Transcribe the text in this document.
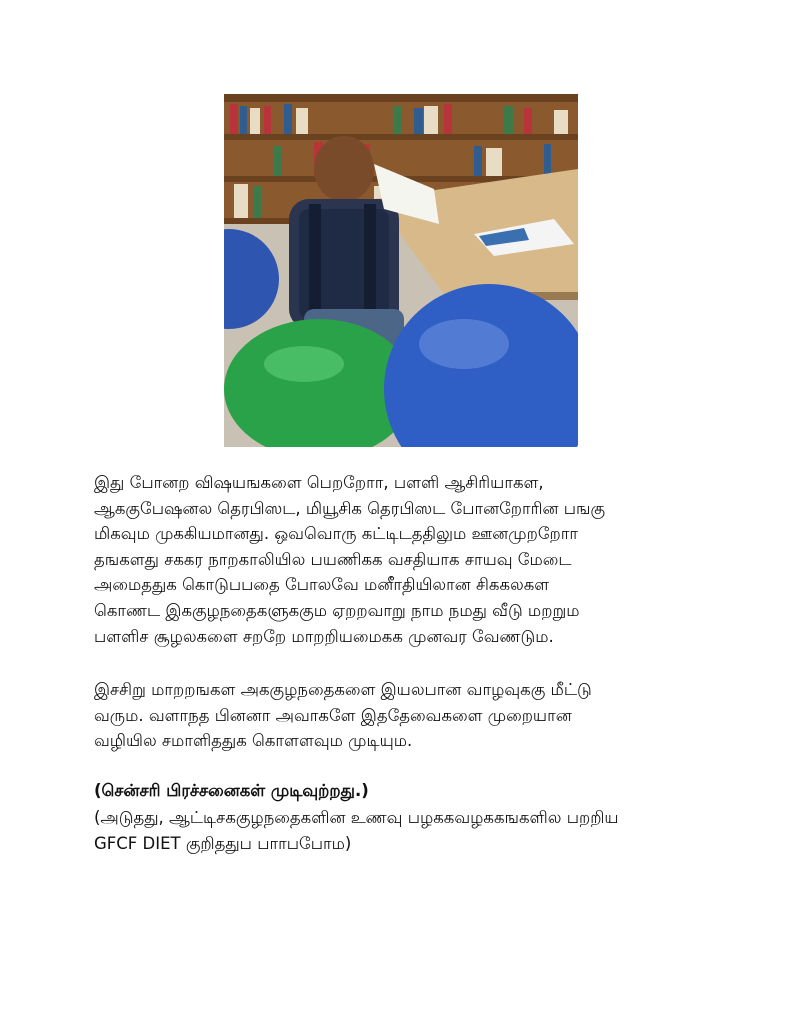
இது போனற விஷயஙகளை பெறறோா, பளளி ஆசிரியாகள,
ஆககுபேஷனல தெரபிஸட, மியூசிக தெரபிஸட போனறோரின பஙகு
மிகவும முககியமானது. ஒவவொரு கட்டிடததிலும ஊனமுறறோா
தஙகளது சககர நாறகாலியில பயணிகக வசதியாக சாயவு மேடை
அமைததுக கொடுபபதை போலவே மனாீதியிலான சிககலகள
கொணட இககுழநதைகளுககும ஏறறவாறு நாம நமது வீடு மறறும
பளளிச சூழலகளை சறறே மாறறியமைகக முனவர வேணடும.
இசசிறு மாறறஙகள அககுழநதைகளை இயலபான வாழவுககு மீட்டு
வரும. வளாநத பினனா அவாகளே இததேவைகளை முறையான
வழியில சமாளிததுக கொளளவும முடியும.
(சென்சரி பிரச்சனைகள் முடிவுற்றது.)
(அடுதது, ஆட்டிசககுழநதைகளின உணவு பழககவழககஙகளில பறறிய
GFCF DIET குறிததுப பாாபபோம)
